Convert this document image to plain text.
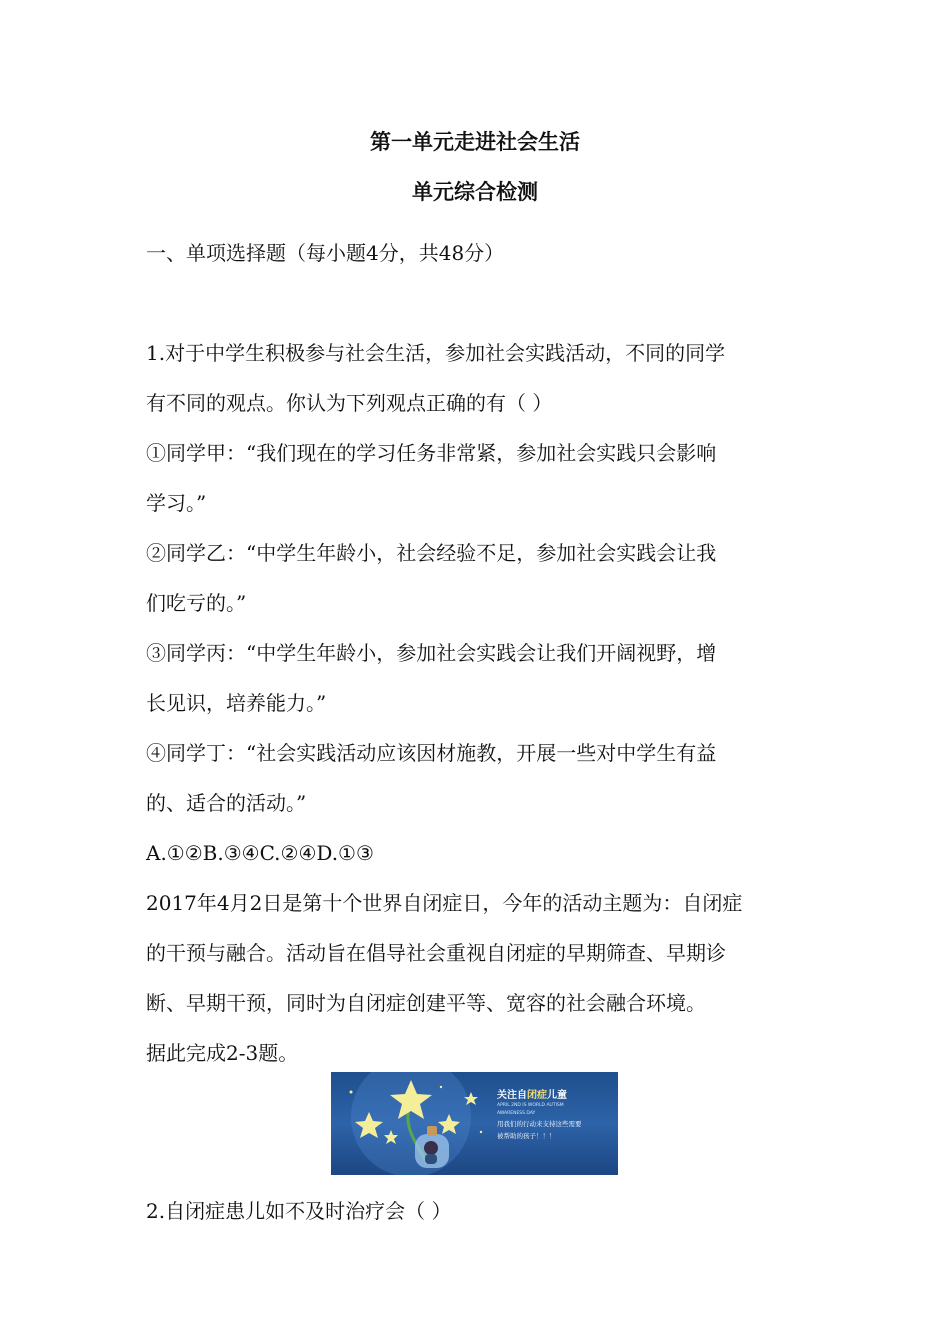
第一单元走进社会生活
单元综合检测

一、单项选择题（每小题4分，共48分）

1.对于中学生积极参与社会生活，参加社会实践活动，不同的同学

有不同的观点。你认为下列观点正确的有（ ）

①同学甲：“我们现在的学习任务非常紧，参加社会实践只会影响

学习。”

②同学乙：“中学生年龄小，社会经验不足，参加社会实践会让我

们吃亏的。”

③同学丙：“中学生年龄小，参加社会实践会让我们开阔视野，增

长见识，培养能力。”

④同学丁：“社会实践活动应该因材施教，开展一些对中学生有益

的、适合的活动。”

A.①②B.③④C.②④D.①③

2017年4月2日是第十个世界自闭症日，今年的活动主题为：自闭症

的干预与融合。活动旨在倡导社会重视自闭症的早期筛查、早期诊

断、早期干预，同时为自闭症创建平等、宽容的社会融合环境。

据此完成2-3题。

关注自闭症儿童
APRIL 2ND IS WORLD AUTISM
AWARENESS DAY
用我们的行动来支持这些需要
被帮助的孩子！！！

2.自闭症患儿如不及时治疗会（ ）
